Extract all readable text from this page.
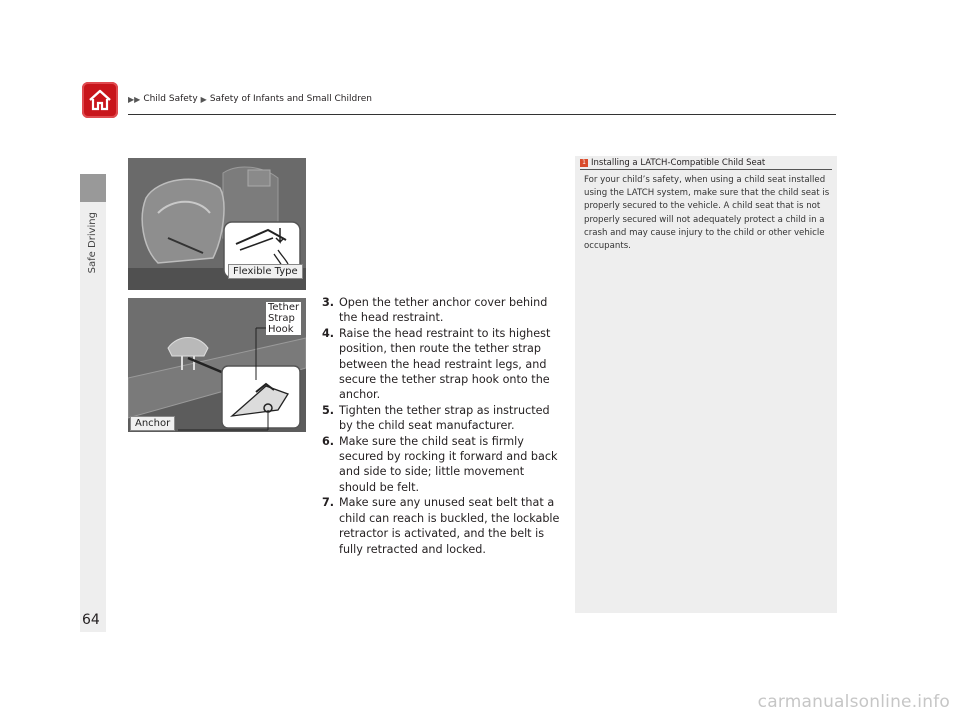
▶▶ Child Safety ▶ Safety of Infants and Small Children
Safe Driving	Flexible Type
Tether
Strap
Hook
Anchor
3. Open the tether anchor cover behind the head restraint.
4. Raise the head restraint to its highest position, then route the tether strap between the head restraint legs, and secure the tether strap hook onto the anchor.
5. Tighten the tether strap as instructed by the child seat manufacturer.
6. Make sure the child seat is firmly secured by rocking it forward and back and side to side; little movement should be felt.
7. Make sure any unused seat belt that a child can reach is buckled, the lockable retractor is activated, and the belt is fully retracted and locked.
1 Installing a LATCH-Compatible Child Seat
For your child’s safety, when using a child seat installed using the LATCH system, make sure that the child seat is properly secured to the vehicle. A child seat that is not properly secured will not adequately protect a child in a crash and may cause injury to the child or other vehicle occupants.
64
carmanualsonline.info
